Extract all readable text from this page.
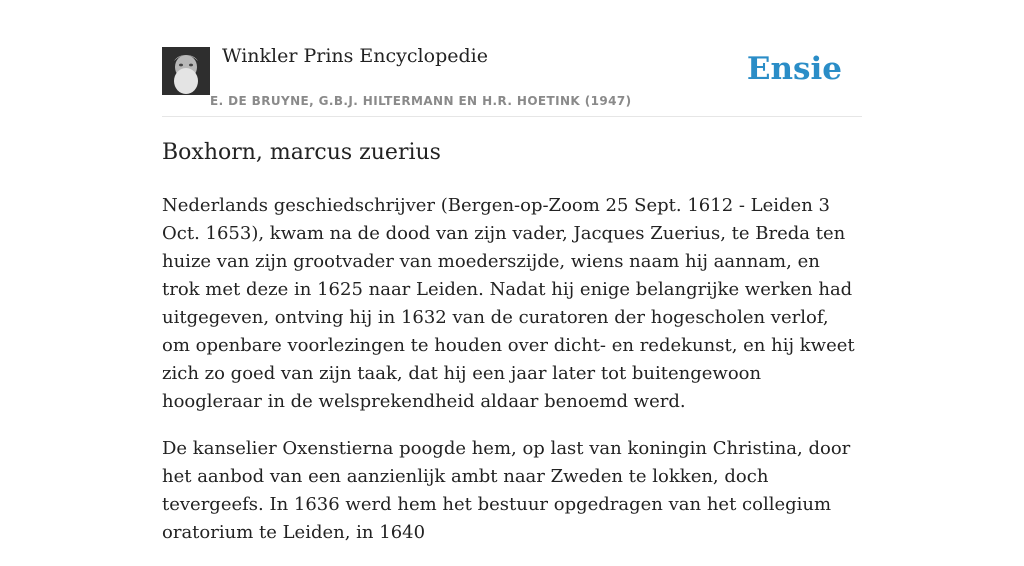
Winkler Prins Encyclopedie
E. DE BRUYNE, G.B.J. HILTERMANN EN H.R. HOETINK (1947)
Ensie
Boxhorn, marcus zuerius

Nederlands geschiedschrijver (Bergen-op-Zoom 25 Sept. 1612 - Leiden 3 Oct. 1653), kwam na de dood van zijn vader, Jacques Zuerius, te Breda ten huize van zijn grootvader van moederszijde, wiens naam hij aannam, en trok met deze in 1625 naar Leiden. Nadat hij enige belangrijke werken had uitgegeven, ontving hij in 1632 van de curatoren der hogescholen verlof, om openbare voorlezingen te houden over dicht- en redekunst, en hij kweet zich zo goed van zijn taak, dat hij een jaar later tot buitengewoon hoogleraar in de welsprekendheid aldaar benoemd werd.

De kanselier Oxenstierna poogde hem, op last van koningin Christina, door het aanbod van een aanzienlijk ambt naar Zweden te lokken, doch tevergeefs. In 1636 werd hem het bestuur opgedragen van het collegium oratorium te Leiden, in 1640
